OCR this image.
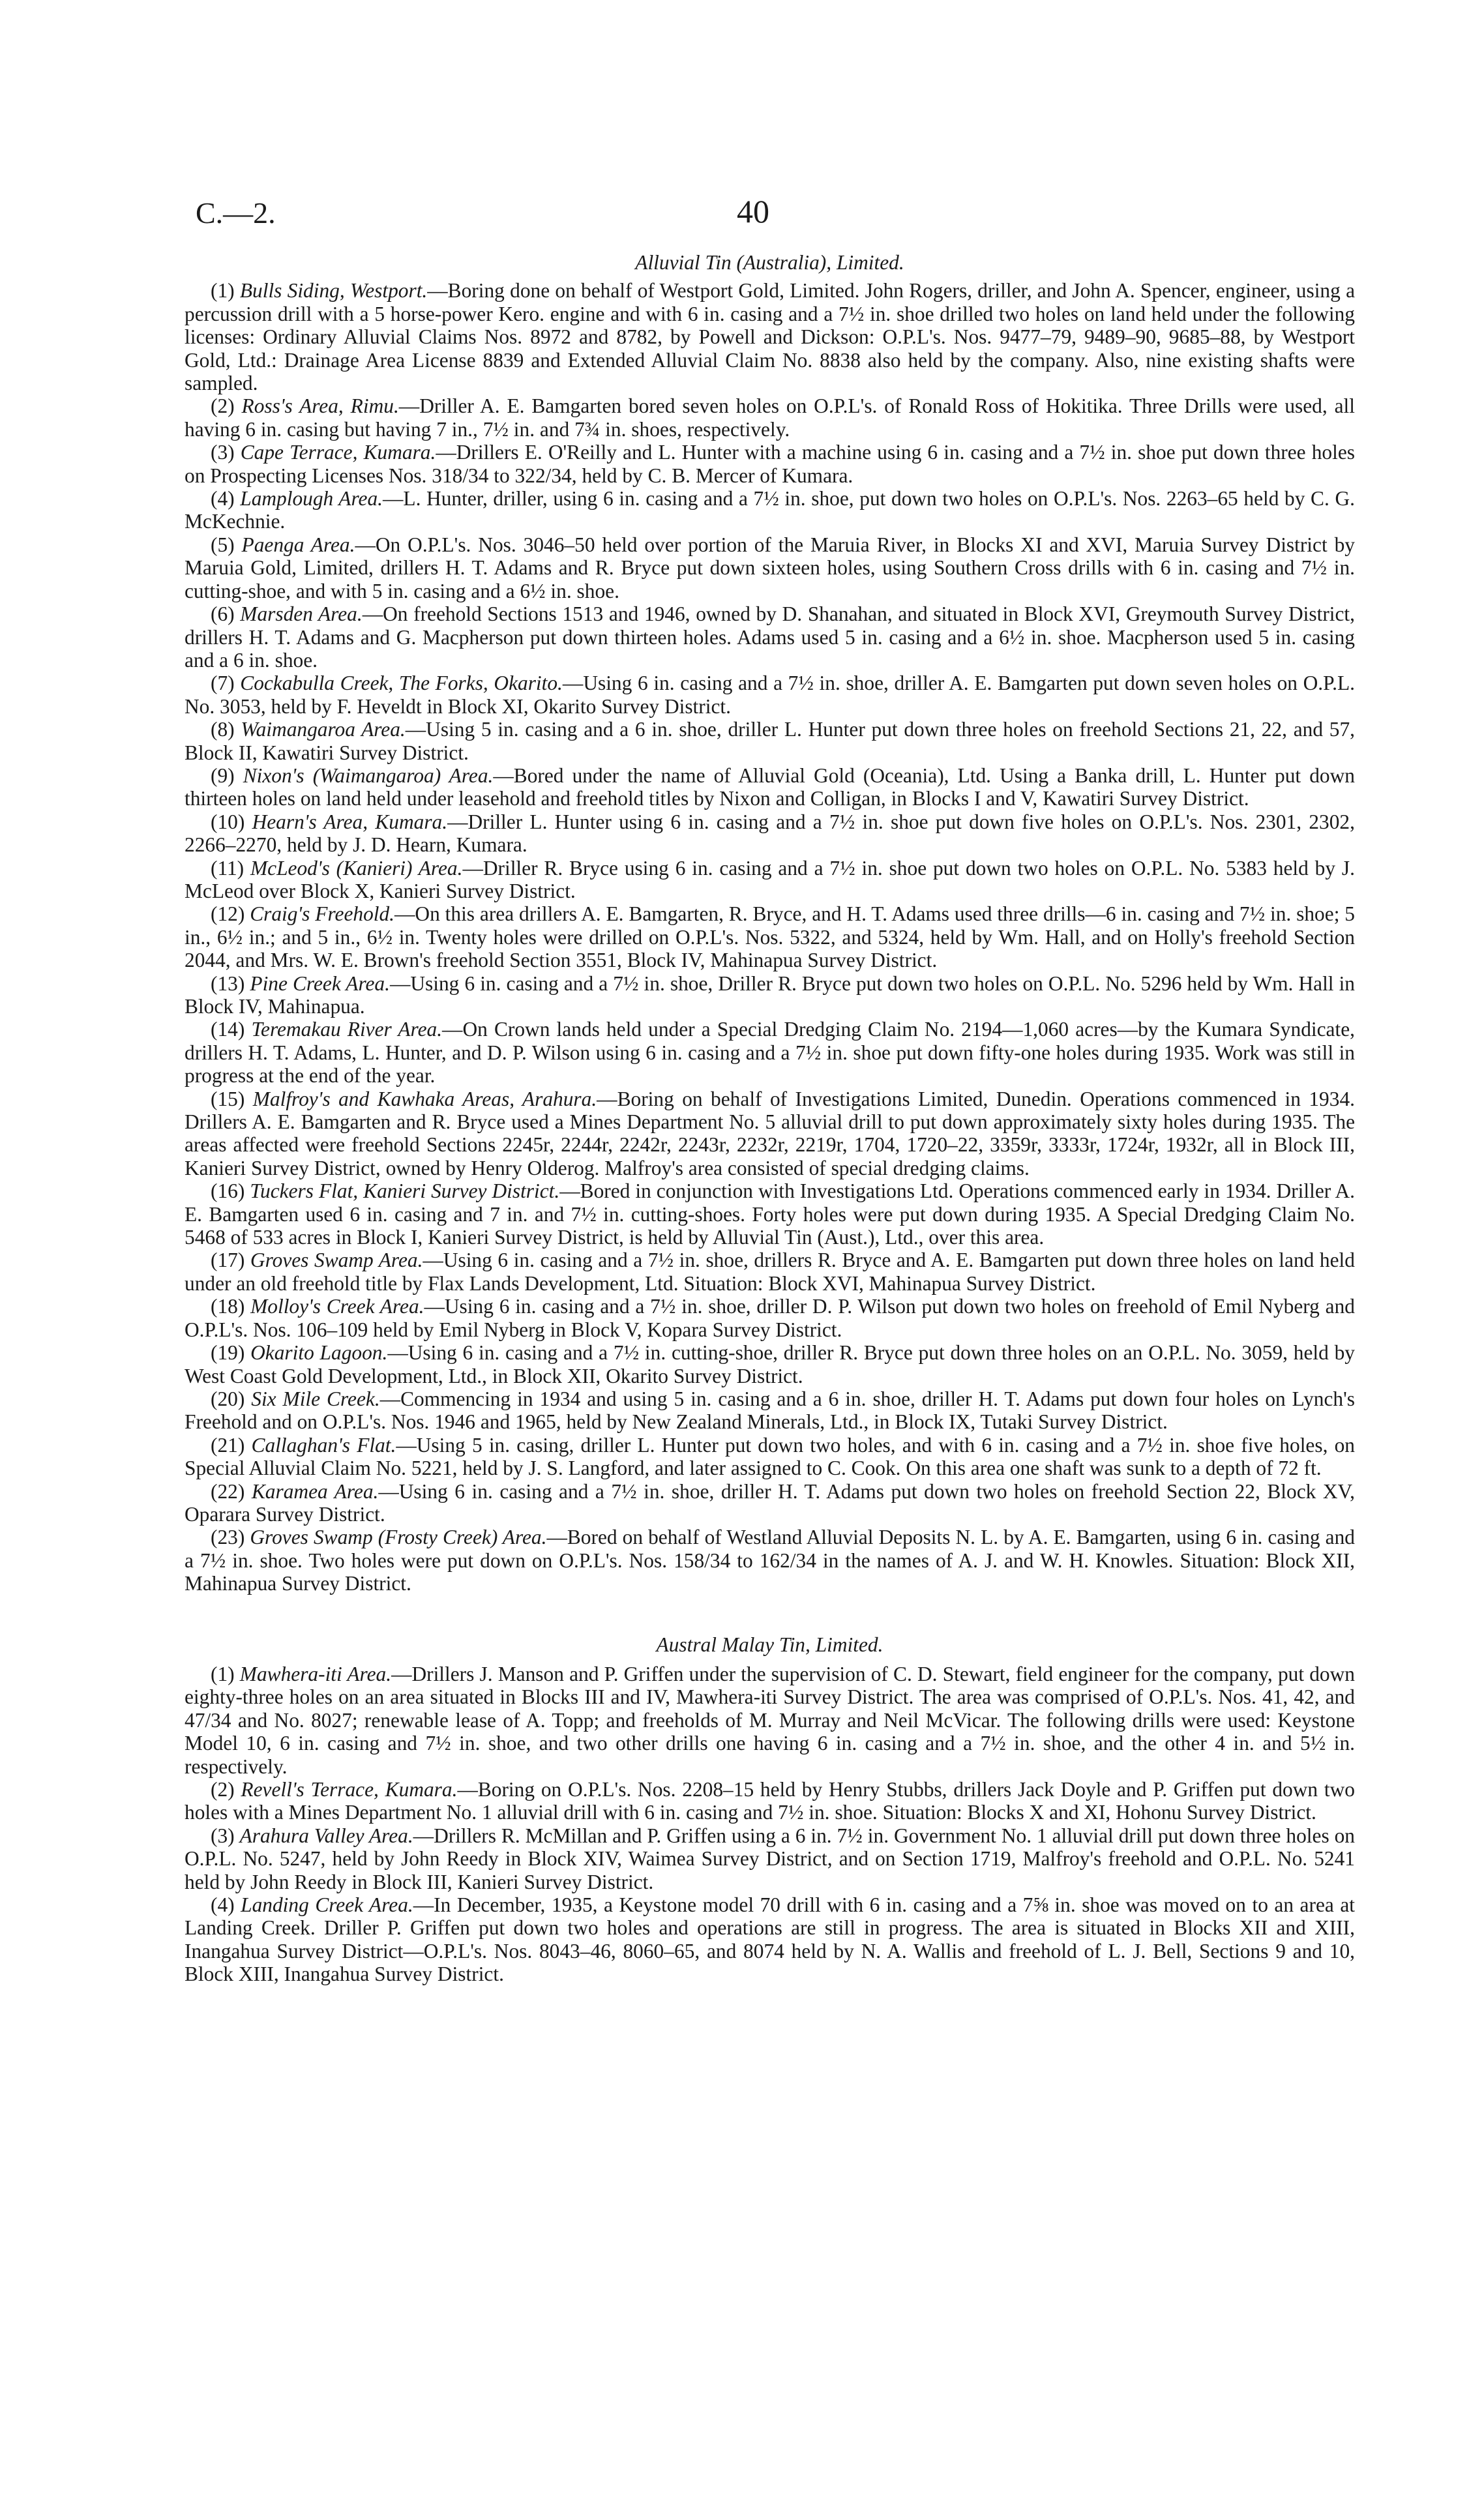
C.—2.	40

Alluvial Tin (Australia), Limited.

(1) Bulls Siding, Westport.—Boring done on behalf of Westport Gold, Limited. John Rogers, driller, and John A. Spencer, engineer, using a percussion drill with a 5 horse-power Kero. engine and with 6 in. casing and a 7½ in. shoe drilled two holes on land held under the following licenses: Ordinary Alluvial Claims Nos. 8972 and 8782, by Powell and Dickson: O.P.L's. Nos. 9477–79, 9489–90, 9685–88, by Westport Gold, Ltd.: Drainage Area License 8839 and Extended Alluvial Claim No. 8838 also held by the company. Also, nine existing shafts were sampled.

(2) Ross's Area, Rimu.—Driller A. E. Bamgarten bored seven holes on O.P.L's. of Ronald Ross of Hokitika. Three Drills were used, all having 6 in. casing but having 7 in., 7½ in. and 7¾ in. shoes, respectively.

(3) Cape Terrace, Kumara.—Drillers E. O'Reilly and L. Hunter with a machine using 6 in. casing and a 7½ in. shoe put down three holes on Prospecting Licenses Nos. 318/34 to 322/34, held by C. B. Mercer of Kumara.

(4) Lamplough Area.—L. Hunter, driller, using 6 in. casing and a 7½ in. shoe, put down two holes on O.P.L's. Nos. 2263–65 held by C. G. McKechnie.

(5) Paenga Area.—On O.P.L's. Nos. 3046–50 held over portion of the Maruia River, in Blocks XI and XVI, Maruia Survey District by Maruia Gold, Limited, drillers H. T. Adams and R. Bryce put down sixteen holes, using Southern Cross drills with 6 in. casing and 7½ in. cutting-shoe, and with 5 in. casing and a 6½ in. shoe.

(6) Marsden Area.—On freehold Sections 1513 and 1946, owned by D. Shanahan, and situated in Block XVI, Greymouth Survey District, drillers H. T. Adams and G. Macpherson put down thirteen holes. Adams used 5 in. casing and a 6½ in. shoe. Macpherson used 5 in. casing and a 6 in. shoe.

(7) Cockabulla Creek, The Forks, Okarito.—Using 6 in. casing and a 7½ in. shoe, driller A. E. Bamgarten put down seven holes on O.P.L. No. 3053, held by F. Heveldt in Block XI, Okarito Survey District.

(8) Waimangaroa Area.—Using 5 in. casing and a 6 in. shoe, driller L. Hunter put down three holes on freehold Sections 21, 22, and 57, Block II, Kawatiri Survey District.

(9) Nixon's (Waimangaroa) Area.—Bored under the name of Alluvial Gold (Oceania), Ltd. Using a Banka drill, L. Hunter put down thirteen holes on land held under leasehold and freehold titles by Nixon and Colligan, in Blocks I and V, Kawatiri Survey District.

(10) Hearn's Area, Kumara.—Driller L. Hunter using 6 in. casing and a 7½ in. shoe put down five holes on O.P.L's. Nos. 2301, 2302, 2266–2270, held by J. D. Hearn, Kumara.

(11) McLeod's (Kanieri) Area.—Driller R. Bryce using 6 in. casing and a 7½ in. shoe put down two holes on O.P.L. No. 5383 held by J. McLeod over Block X, Kanieri Survey District.

(12) Craig's Freehold.—On this area drillers A. E. Bamgarten, R. Bryce, and H. T. Adams used three drills—6 in. casing and 7½ in. shoe; 5 in., 6½ in.; and 5 in., 6½ in. Twenty holes were drilled on O.P.L's. Nos. 5322, and 5324, held by Wm. Hall, and on Holly's freehold Section 2044, and Mrs. W. E. Brown's freehold Section 3551, Block IV, Mahinapua Survey District.

(13) Pine Creek Area.—Using 6 in. casing and a 7½ in. shoe, Driller R. Bryce put down two holes on O.P.L. No. 5296 held by Wm. Hall in Block IV, Mahinapua.

(14) Teremakau River Area.—On Crown lands held under a Special Dredging Claim No. 2194—1,060 acres—by the Kumara Syndicate, drillers H. T. Adams, L. Hunter, and D. P. Wilson using 6 in. casing and a 7½ in. shoe put down fifty-one holes during 1935. Work was still in progress at the end of the year.

(15) Malfroy's and Kawhaka Areas, Arahura.—Boring on behalf of Investigations Limited, Dunedin. Operations commenced in 1934. Drillers A. E. Bamgarten and R. Bryce used a Mines Department No. 5 alluvial drill to put down approximately sixty holes during 1935. The areas affected were freehold Sections 2245r, 2244r, 2242r, 2243r, 2232r, 2219r, 1704, 1720–22, 3359r, 3333r, 1724r, 1932r, all in Block III, Kanieri Survey District, owned by Henry Olderog. Malfroy's area consisted of special dredging claims.

(16) Tuckers Flat, Kanieri Survey District.—Bored in conjunction with Investigations Ltd. Operations commenced early in 1934. Driller A. E. Bamgarten used 6 in. casing and 7 in. and 7½ in. cutting-shoes. Forty holes were put down during 1935. A Special Dredging Claim No. 5468 of 533 acres in Block I, Kanieri Survey District, is held by Alluvial Tin (Aust.), Ltd., over this area.

(17) Groves Swamp Area.—Using 6 in. casing and a 7½ in. shoe, drillers R. Bryce and A. E. Bamgarten put down three holes on land held under an old freehold title by Flax Lands Development, Ltd. Situation: Block XVI, Mahinapua Survey District.

(18) Molloy's Creek Area.—Using 6 in. casing and a 7½ in. shoe, driller D. P. Wilson put down two holes on freehold of Emil Nyberg and O.P.L's. Nos. 106–109 held by Emil Nyberg in Block V, Kopara Survey District.

(19) Okarito Lagoon.—Using 6 in. casing and a 7½ in. cutting-shoe, driller R. Bryce put down three holes on an O.P.L. No. 3059, held by West Coast Gold Development, Ltd., in Block XII, Okarito Survey District.

(20) Six Mile Creek.—Commencing in 1934 and using 5 in. casing and a 6 in. shoe, driller H. T. Adams put down four holes on Lynch's Freehold and on O.P.L's. Nos. 1946 and 1965, held by New Zealand Minerals, Ltd., in Block IX, Tutaki Survey District.

(21) Callaghan's Flat.—Using 5 in. casing, driller L. Hunter put down two holes, and with 6 in. casing and a 7½ in. shoe five holes, on Special Alluvial Claim No. 5221, held by J. S. Langford, and later assigned to C. Cook. On this area one shaft was sunk to a depth of 72 ft.

(22) Karamea Area.—Using 6 in. casing and a 7½ in. shoe, driller H. T. Adams put down two holes on freehold Section 22, Block XV, Oparara Survey District.

(23) Groves Swamp (Frosty Creek) Area.—Bored on behalf of Westland Alluvial Deposits N. L. by A. E. Bamgarten, using 6 in. casing and a 7½ in. shoe. Two holes were put down on O.P.L's. Nos. 158/34 to 162/34 in the names of A. J. and W. H. Knowles. Situation: Block XII, Mahinapua Survey District.

Austral Malay Tin, Limited.

(1) Mawhera-iti Area.—Drillers J. Manson and P. Griffen under the supervision of C. D. Stewart, field engineer for the company, put down eighty-three holes on an area situated in Blocks III and IV, Mawhera-iti Survey District. The area was comprised of O.P.L's. Nos. 41, 42, and 47/34 and No. 8027; renewable lease of A. Topp; and freeholds of M. Murray and Neil McVicar. The following drills were used: Keystone Model 10, 6 in. casing and 7½ in. shoe, and two other drills one having 6 in. casing and a 7½ in. shoe, and the other 4 in. and 5½ in. respectively.

(2) Revell's Terrace, Kumara.—Boring on O.P.L's. Nos. 2208–15 held by Henry Stubbs, drillers Jack Doyle and P. Griffen put down two holes with a Mines Department No. 1 alluvial drill with 6 in. casing and 7½ in. shoe. Situation: Blocks X and XI, Hohonu Survey District.

(3) Arahura Valley Area.—Drillers R. McMillan and P. Griffen using a 6 in. 7½ in. Government No. 1 alluvial drill put down three holes on O.P.L. No. 5247, held by John Reedy in Block XIV, Waimea Survey District, and on Section 1719, Malfroy's freehold and O.P.L. No. 5241 held by John Reedy in Block III, Kanieri Survey District.

(4) Landing Creek Area.—In December, 1935, a Keystone model 70 drill with 6 in. casing and a 7⅝ in. shoe was moved on to an area at Landing Creek. Driller P. Griffen put down two holes and operations are still in progress. The area is situated in Blocks XII and XIII, Inangahua Survey District—O.P.L's. Nos. 8043–46, 8060–65, and 8074 held by N. A. Wallis and freehold of L. J. Bell, Sections 9 and 10, Block XIII, Inangahua Survey District.
